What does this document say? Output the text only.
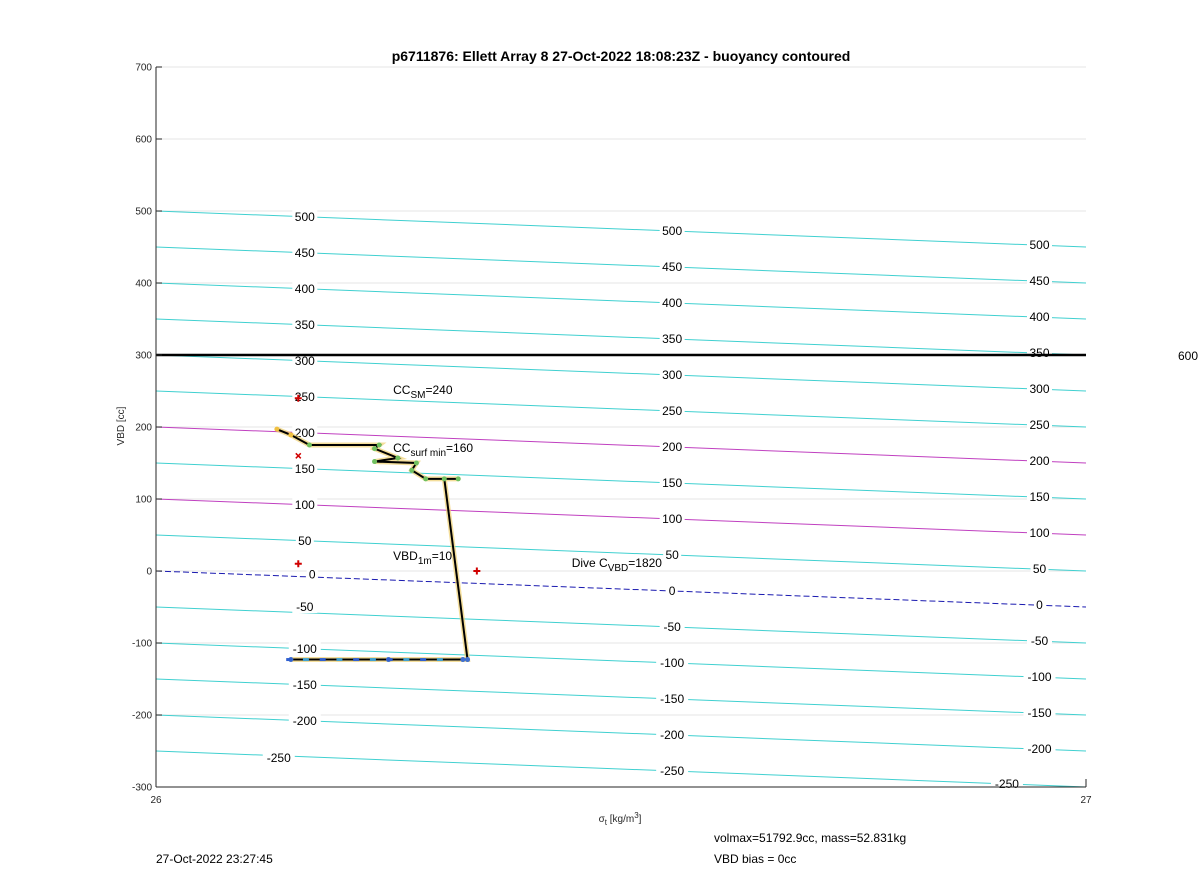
p6711876: Ellett Array 8 27-Oct-2022 18:08:23Z - buoyancy contoured
-100
-150
-200
50
100
150
200
250
300
350
400
450
500
-250
-200
-150
-100
-50
0
50
100
150
200
250
300
350
400
450
500
-200
-150
-100
-50
0
50
100
150
200
250
300
350
400
450
500
-50
0
-250
-250
600
$CC_{SM}=240$
$CC_{surf min}=160$
$VBD_{1m}=10$
Dive $C_{VBD}=1820$
-300
-200
-100
0
100
200
300
400
500
600
700
26	27
VBD [cc]
$\sigma_t$ $[kg/m^3]$
27-Oct-2022 23:27:45
volmax=51792.9cc, mass=52.831kg
VBD bias = 0cc
